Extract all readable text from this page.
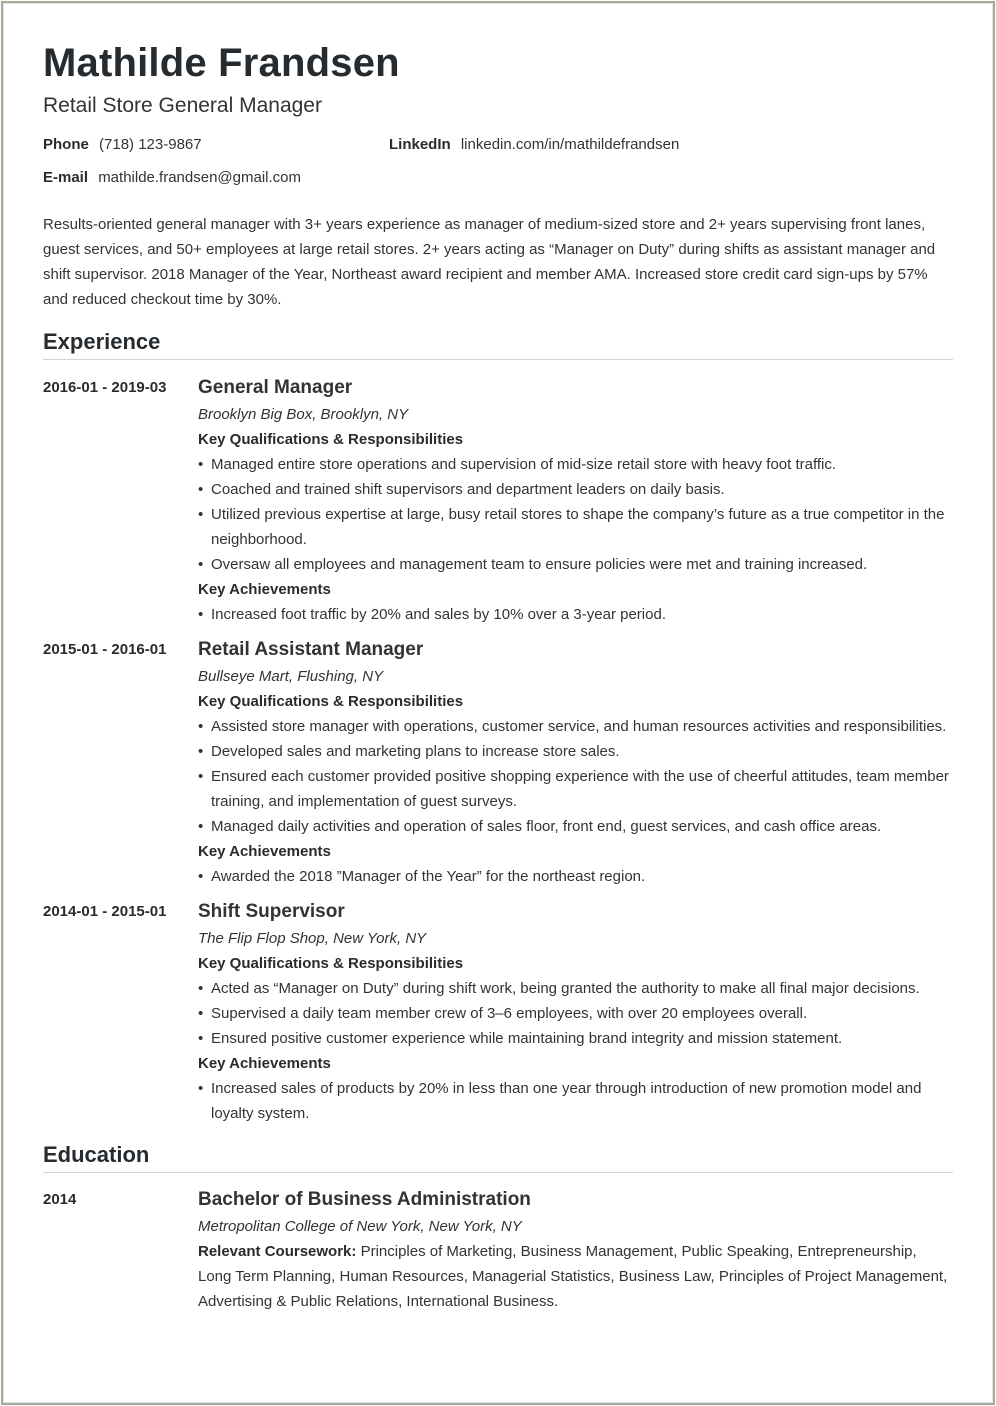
Mathilde Frandsen
Retail Store General Manager
Phone (718) 123-9867	LinkedIn linkedin.com/in/mathildefrandsen
E-mail mathilde.frandsen@gmail.com
Results-oriented general manager with 3+ years experience as manager of medium-sized store and 2+ years supervising front lanes, guest services, and 50+ employees at large retail stores. 2+ years acting as “Manager on Duty” during shifts as assistant manager and shift supervisor. 2018 Manager of the Year, Northeast award recipient and member AMA. Increased store credit card sign-ups by 57% and reduced checkout time by 30%.
Experience
2016-01 - 2019-03 General Manager
Brooklyn Big Box, Brooklyn, NY
Key Qualifications & Responsibilities
• Managed entire store operations and supervision of mid-size retail store with heavy foot traffic.
• Coached and trained shift supervisors and department leaders on daily basis.
• Utilized previous expertise at large, busy retail stores to shape the company’s future as a true competitor in the neighborhood.
• Oversaw all employees and management team to ensure policies were met and training increased.
Key Achievements
• Increased foot traffic by 20% and sales by 10% over a 3-year period.
2015-01 - 2016-01 Retail Assistant Manager
Bullseye Mart, Flushing, NY
Key Qualifications & Responsibilities
• Assisted store manager with operations, customer service, and human resources activities and responsibilities.
• Developed sales and marketing plans to increase store sales.
• Ensured each customer provided positive shopping experience with the use of cheerful attitudes, team member training, and implementation of guest surveys.
• Managed daily activities and operation of sales floor, front end, guest services, and cash office areas.
Key Achievements
• Awarded the 2018 ”Manager of the Year” for the northeast region.
2014-01 - 2015-01 Shift Supervisor
The Flip Flop Shop, New York, NY
Key Qualifications & Responsibilities
• Acted as “Manager on Duty” during shift work, being granted the authority to make all final major decisions.
• Supervised a daily team member crew of 3–6 employees, with over 20 employees overall.
• Ensured positive customer experience while maintaining brand integrity and mission statement.
Key Achievements
• Increased sales of products by 20% in less than one year through introduction of new promotion model and loyalty system.
Education
2014	Bachelor of Business Administration
Metropolitan College of New York, New York, NY
Relevant Coursework: Principles of Marketing, Business Management, Public Speaking, Entrepreneurship, Long Term Planning, Human Resources, Managerial Statistics, Business Law, Principles of Project Management, Advertising & Public Relations, International Business.
